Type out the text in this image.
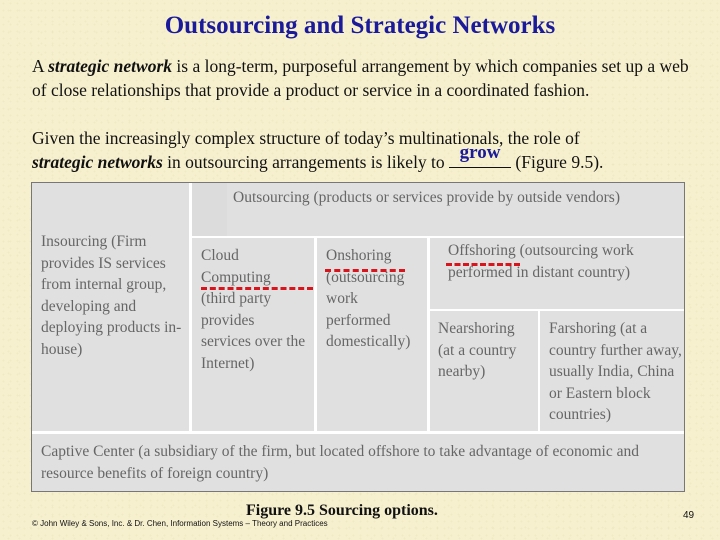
Outsourcing and Strategic Networks
A strategic network is a long-term, purposeful arrangement by which companies set up a web of close relationships that provide a product or service in a coordinated fashion.
Given the increasingly complex structure of today’s multinationals, the role of
strategic networks in outsourcing arrangements is likely to grow (Figure 9.5).
Outsourcing (products or services provide by outside vendors)
Insourcing (Firm provides IS services from internal group, developing and deploying products in-house)
Cloud Computing (third party provides services over the Internet)
Onshoring (outsourcing work performed domestically)
Offshoring (outsourcing work performed in distant country)
Nearshoring (at a country nearby)
Farshoring (at a country further away, usually India, China or Eastern block countries)
Captive Center (a subsidiary of the firm, but located offshore to take advantage of economic and resource benefits of foreign country)
Figure 9.5 Sourcing options.
© John Wiley & Sons, Inc. & Dr. Chen, Information Systems – Theory and Practices
49
